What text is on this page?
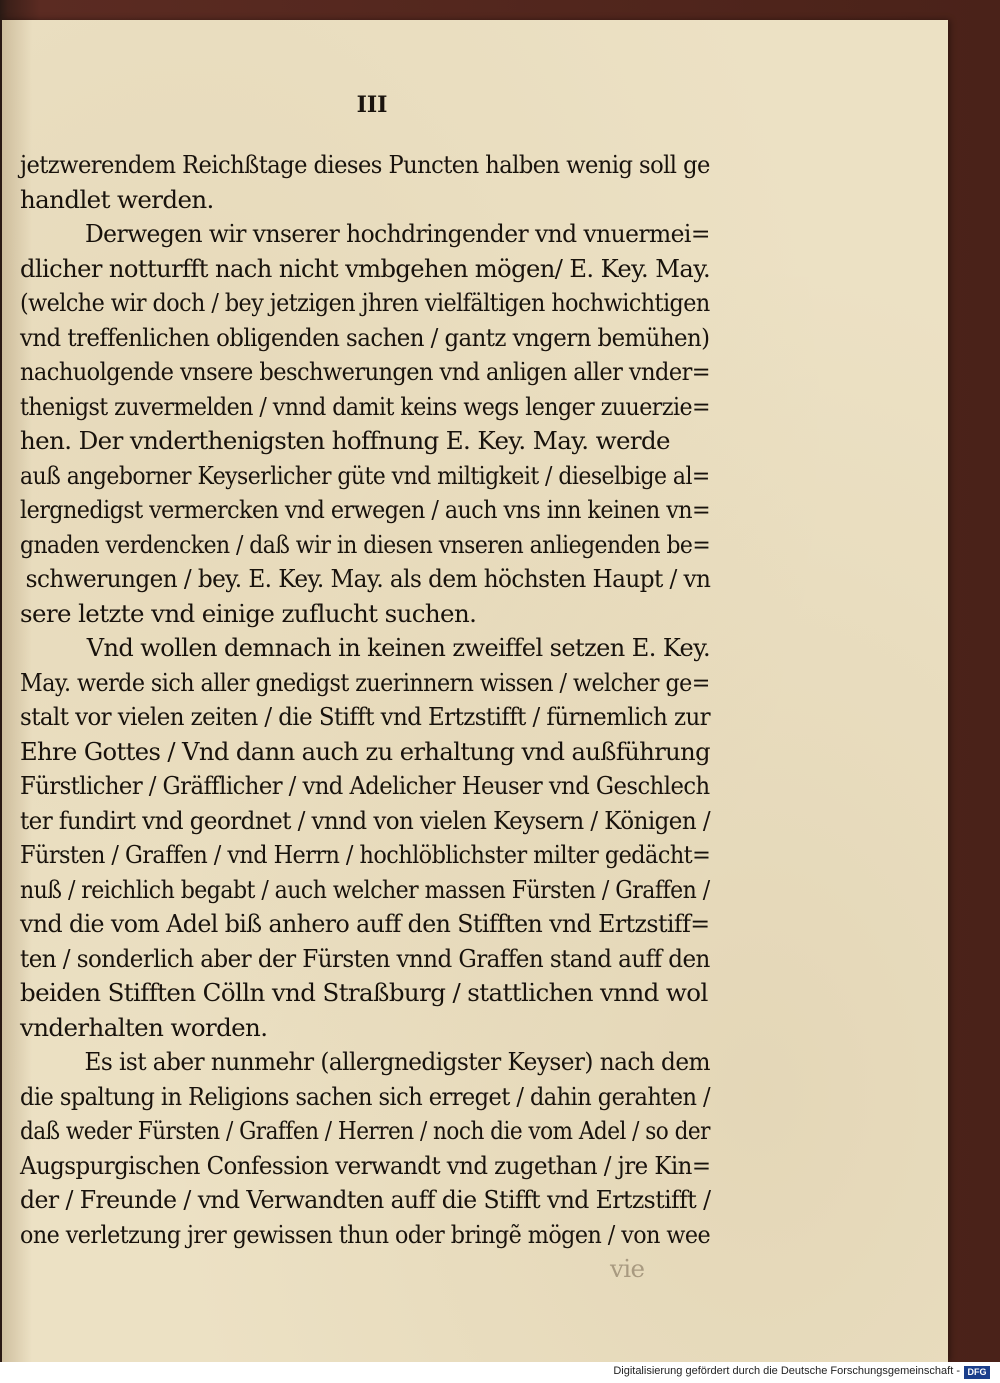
III
jetzwerendem Reichßtage dieses Puncten halben wenig soll ge
handlet werden.
Derwegen wir vnserer hochdringender vnd vnuermei=
dlicher notturfft nach nicht vmbgehen mögen/ E. Key. May.
(welche wir doch / bey jetzigen jhren vielfältigen hochwichtigen
vnd treffenlichen obligenden sachen / gantz vngern bemühen)
nachuolgende vnsere beschwerungen vnd anligen aller vnder=
thenigst zuvermelden / vnnd damit keins wegs lenger zuuerzie=
hen. Der vnderthenigsten hoffnung E. Key. May. werde
auß angeborner Keyserlicher güte vnd miltigkeit / dieselbige al=
lergnedigst vermercken vnd erwegen / auch vns inn keinen vn=
gnaden verdencken / daß wir in diesen vnseren anliegenden be=
schwerungen / bey. E. Key. May. als dem höchsten Haupt / vn
sere letzte vnd einige zuflucht suchen.
Vnd wollen demnach in keinen zweiffel setzen E. Key.
May. werde sich aller gnedigst zuerinnern wissen / welcher ge=
stalt vor vielen zeiten / die Stifft vnd Ertzstifft / fürnemlich zur
Ehre Gottes / Vnd dann auch zu erhaltung vnd außführung
Fürstlicher / Gräfflicher / vnd Adelicher Heuser vnd Geschlech
ter fundirt vnd geordnet / vnnd von vielen Keysern / Königen /
Fürsten / Graffen / vnd Herrn / hochlöblichster milter gedächt=
nuß / reichlich begabt / auch welcher massen Fürsten / Graffen /
vnd die vom Adel biß anhero auff den Stifften vnd Ertzstiff=
ten / sonderlich aber der Fürsten vnnd Graffen stand auff den
beiden Stifften Cölln vnd Straßburg / stattlichen vnnd wol
vnderhalten worden.
Es ist aber nunmehr (allergnedigster Keyser) nach dem
die spaltung in Religions sachen sich erreget / dahin gerahten /
daß weder Fürsten / Graffen / Herren / noch die vom Adel / so der
Augspurgischen Confession verwandt vnd zugethan / jre Kin=
der / Freunde / vnd Verwandten auff die Stifft vnd Ertzstifft /
one verletzung jrer gewissen thun oder bringẽ mögen / von wee
vie
Digitalisierung gefördert durch die Deutsche Forschungsgemeinschaft - DFG
